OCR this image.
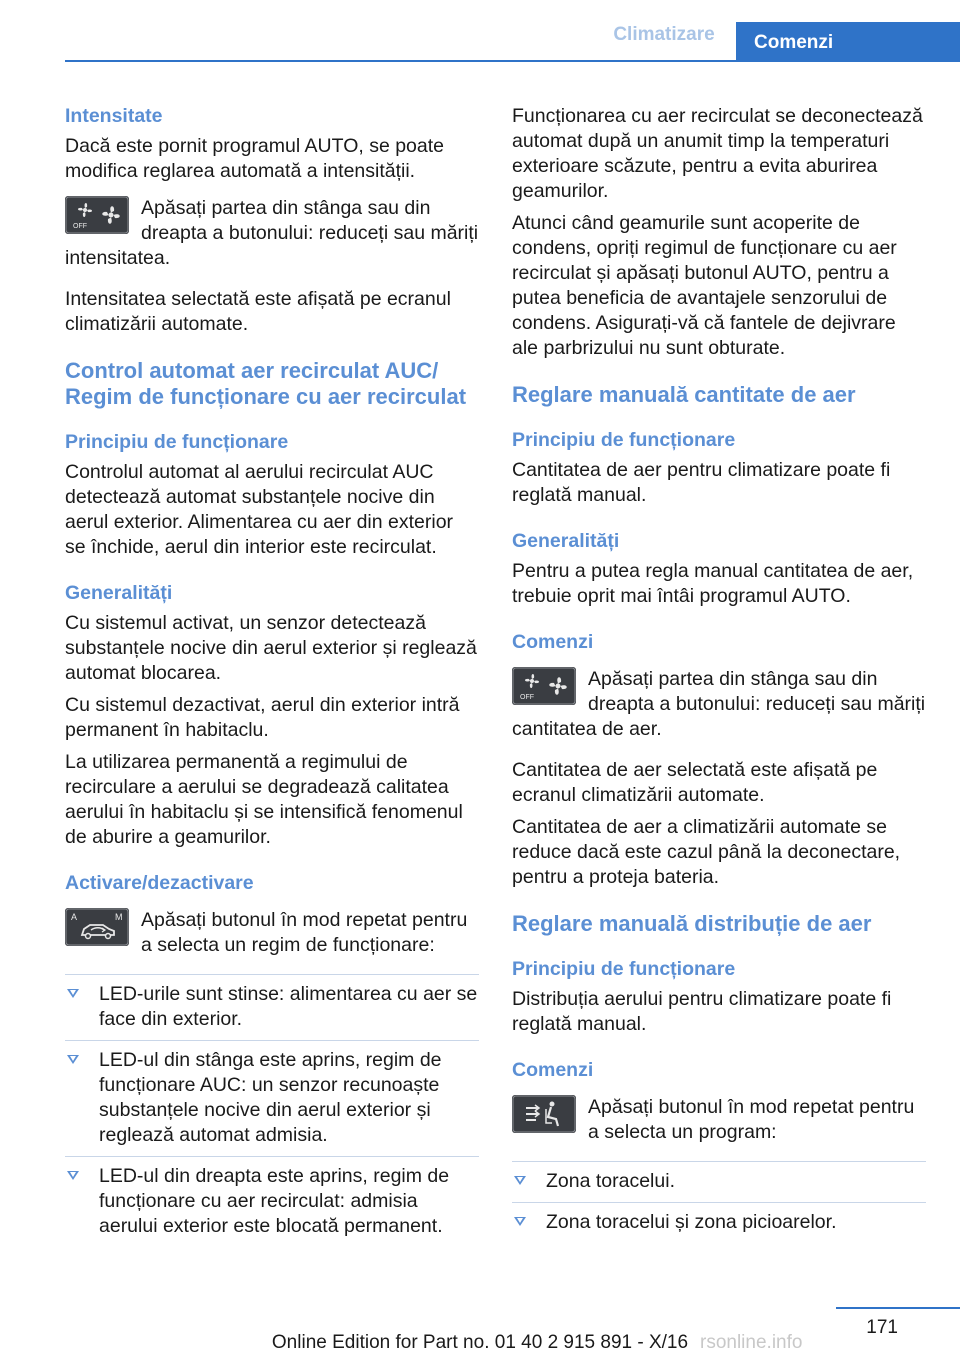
Climatizare	Comenzi
Intensitate

Dacă este pornit programul AUTO, se poate modifica reglarea automată a intensității.

OFF

Apăsați partea din stânga sau din dreapta a butonului: reduceți sau măriți intensitatea.

Intensitatea selectată este afișată pe ecranul climatizării automate.

Control automat aer recirculat AUC/ Regim de funcționare cu aer recirculat
Principiu de funcționare

Controlul automat al aerului recirculat AUC detectează automat substanțele nocive din aerul exterior. Alimentarea cu aer din exterior se închide, aerul din interior este recirculat.

Generalități

Cu sistemul activat, un senzor detectează substanțele nocive din aerul exterior și reglează automat blocarea.

Cu sistemul dezactivat, aerul din exterior intră permanent în habitaclu.

La utilizarea permanentă a regimului de recirculare a aerului se degradează calitatea aerului în habitaclu și se intensifică fenomenul de aburire a geamurilor.

Activare/dezactivare
A	M Apăsați butonul în mod repetat pentru a selecta un regim de funcționare:

LED-urile sunt stinse: alimentarea cu aer se face din exterior.
LED-ul din stânga este aprins, regim de funcționare AUC: un senzor recunoaște substanțele nocive din aerul exterior și reglează automat admisia.
LED-ul din dreapta este aprins, regim de funcționare cu aer recirculat: admisia aerului exterior este blocată permanent.

Funcționarea cu aer recirculat se deconectează automat după un anumit timp la temperaturi exterioare scăzute, pentru a evita aburirea geamurilor.

Atunci când geamurile sunt acoperite de condens, opriți regimul de funcționare cu aer recirculat și apăsați butonul AUTO, pentru a putea beneficia de avantajele senzorului de condens. Asigurați-vă că fantele de dejivrare ale parbrizului nu sunt obturate.

Reglare manuală cantitate de aer
Principiu de funcționare

Cantitatea de aer pentru climatizare poate fi reglată manual.

Generalități

Pentru a putea regla manual cantitatea de aer, trebuie oprit mai întâi programul AUTO.

Comenzi
OFF

Apăsați partea din stânga sau din dreapta a butonului: reduceți sau măriți cantitatea de aer.

Cantitatea de aer selectată este afișată pe ecranul climatizării automate.

Cantitatea de aer a climatizării automate se reduce dacă este cazul până la deconectare, pentru a proteja bateria.

Reglare manuală distribuție de aer
Principiu de funcționare

Distribuția aerului pentru climatizare poate fi reglată manual.

Comenzi

Apăsați butonul în mod repetat pentru a selecta un program:

Zona toracelui.
Zona toracelui și zona picioarelor.
171
Online Edition for Part no. 01 40 2 915 891 - X/16 rsonline.info
